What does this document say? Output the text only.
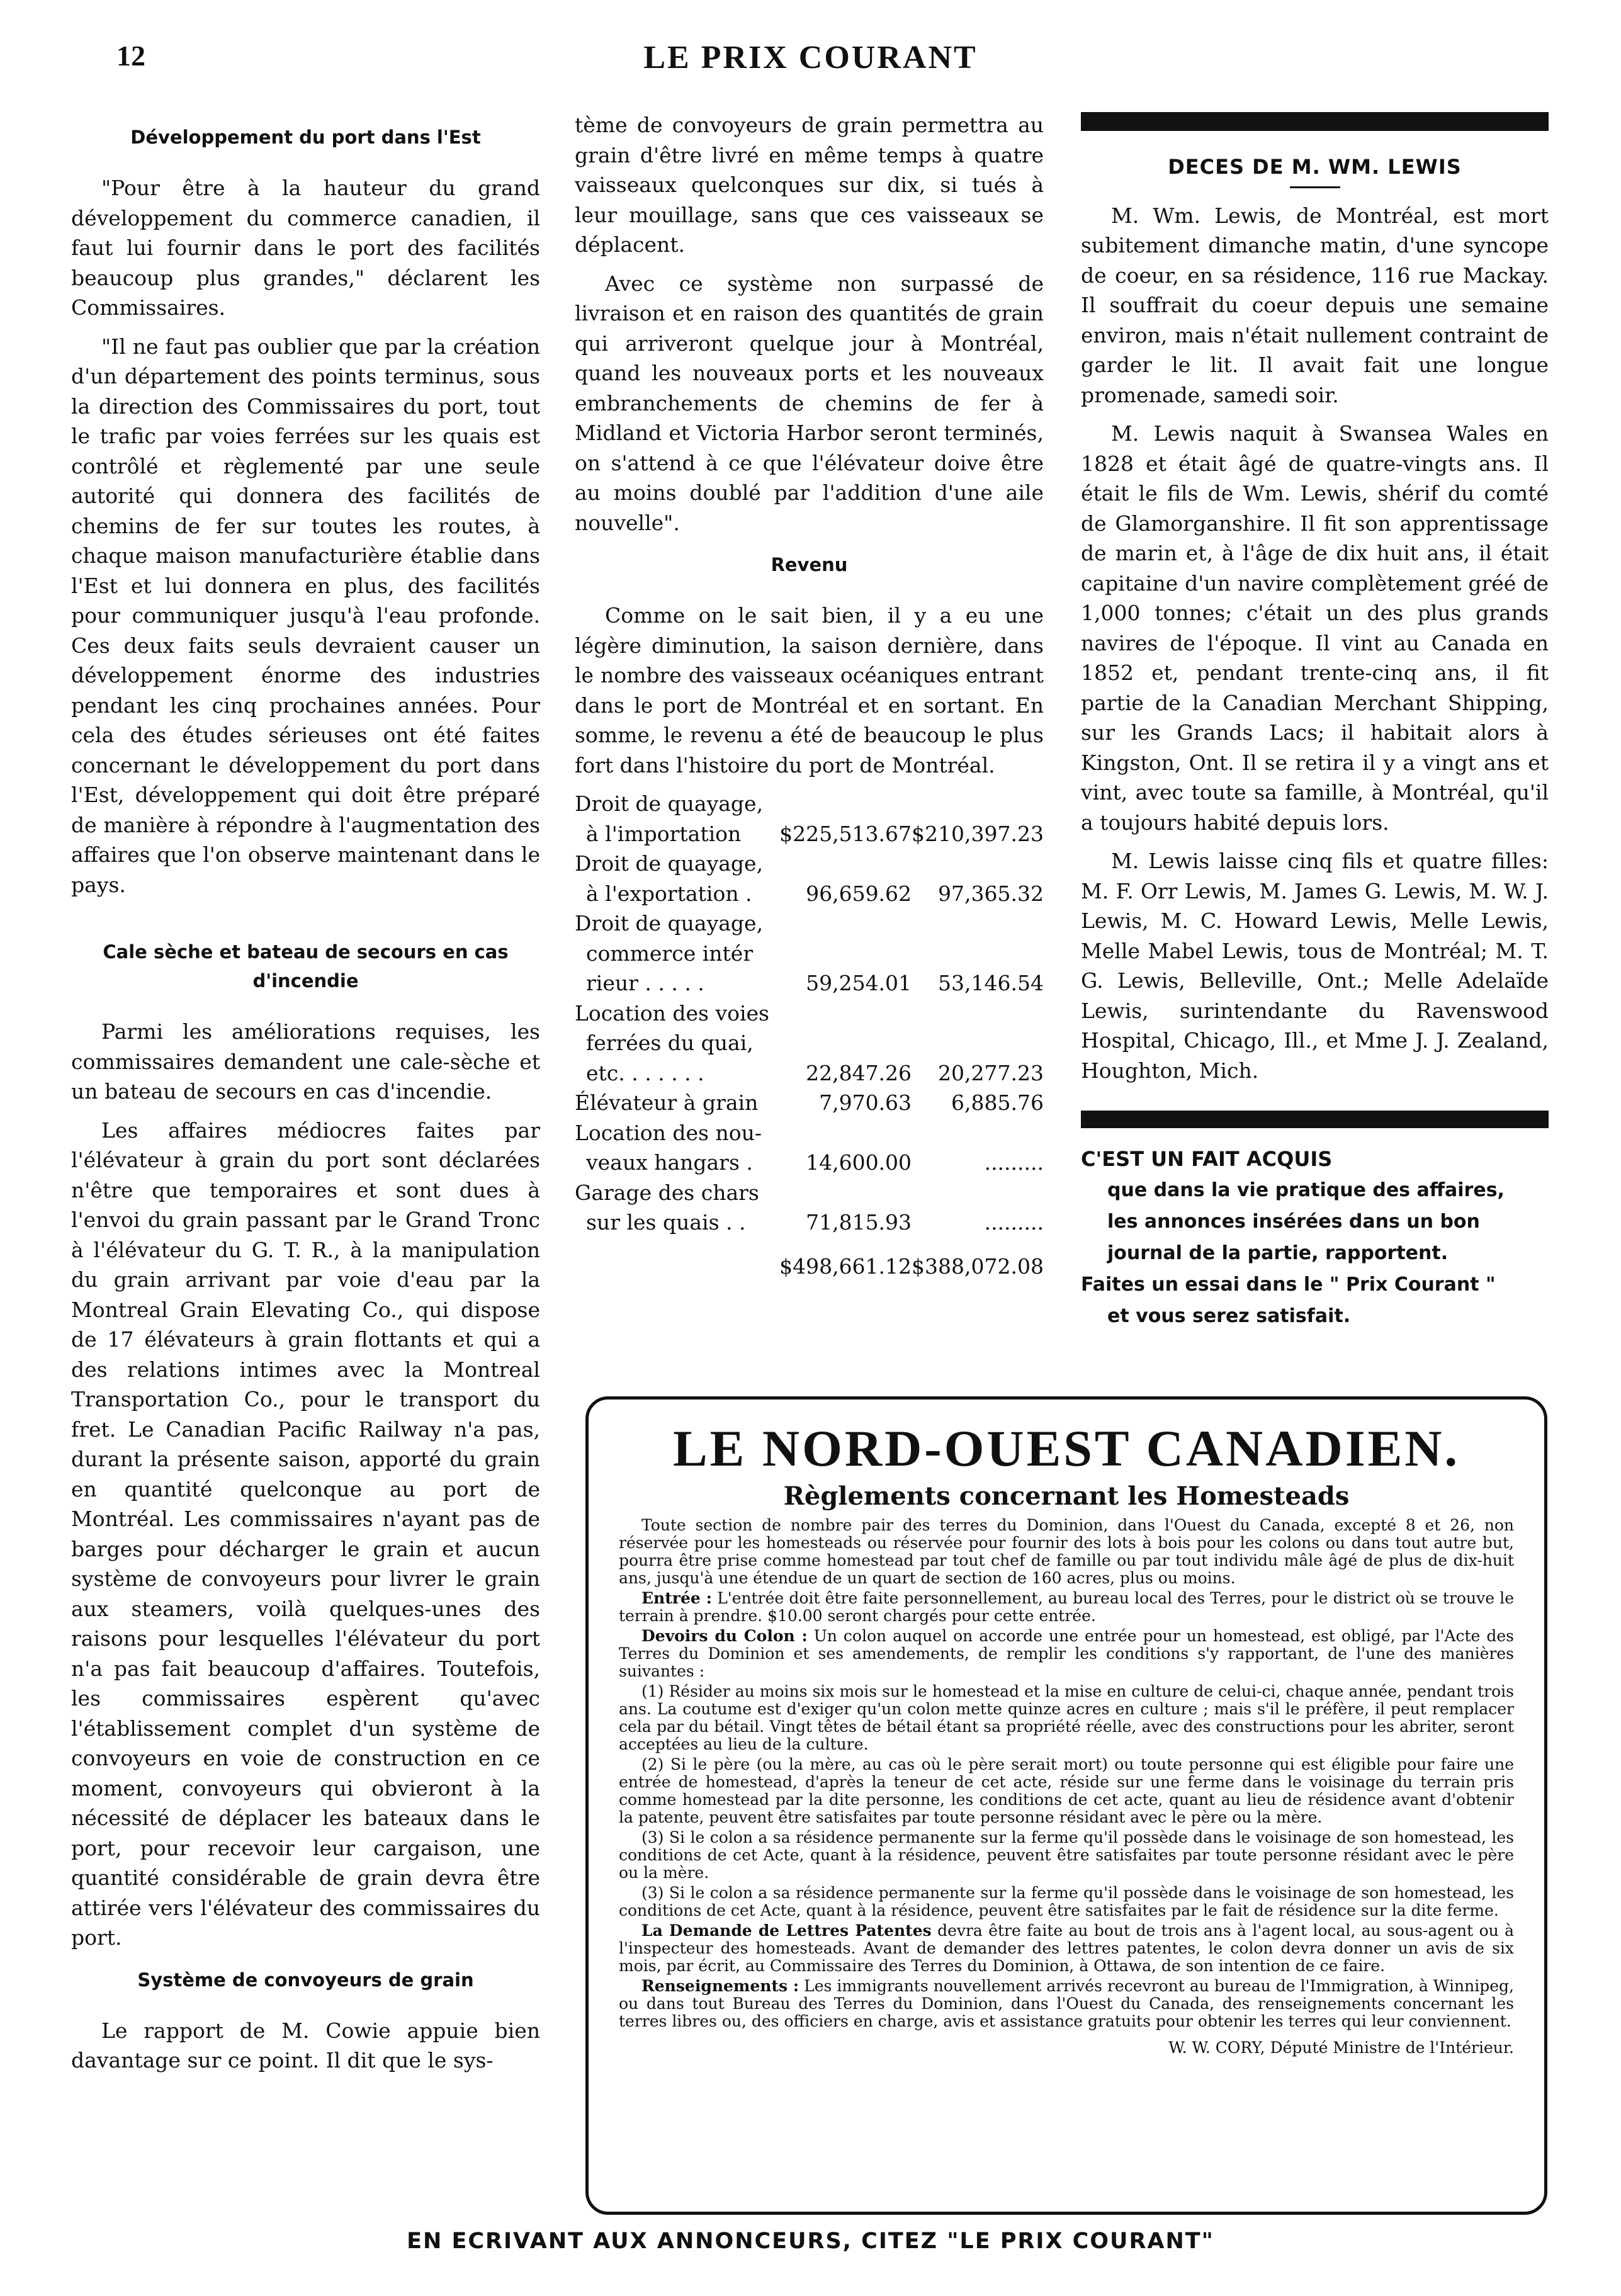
12	LE PRIX COURANT
Développement du port dans l'Est

"Pour être à la hauteur du grand développement du commerce canadien, il faut lui fournir dans le port des facilités beaucoup plus grandes," déclarent les Commissaires.

"Il ne faut pas oublier que par la création d'un département des points terminus, sous la direction des Commissaires du port, tout le trafic par voies ferrées sur les quais est contrôlé et règlementé par une seule autorité qui donnera des facilités de chemins de fer sur toutes les routes, à chaque maison manufacturière établie dans l'Est et lui donnera en plus, des facilités pour communiquer jusqu'à l'eau profonde. Ces deux faits seuls devraient causer un développement énorme des industries pendant les cinq prochaines années. Pour cela des études sérieuses ont été faites concernant le développement du port dans l'Est, développement qui doit être préparé de manière à répondre à l'augmentation des affaires que l'on observe maintenant dans le pays.

Cale sèche et bateau de secours en cas d'incendie

Parmi les améliorations requises, les commissaires demandent une cale-sèche et un bateau de secours en cas d'incendie.

Les affaires médiocres faites par l'élévateur à grain du port sont déclarées n'être que temporaires et sont dues à l'envoi du grain passant par le Grand Tronc à l'élévateur du G. T. R., à la manipulation du grain arrivant par voie d'eau par la Montreal Grain Elevating Co., qui dispose de 17 élévateurs à grain flottants et qui a des relations intimes avec la Montreal Transportation Co., pour le transport du fret. Le Canadian Pacific Railway n'a pas, durant la présente saison, apporté du grain en quantité quelconque au port de Montréal. Les commissaires n'ayant pas de barges pour décharger le grain et aucun système de convoyeurs pour livrer le grain aux steamers, voilà quelques-unes des raisons pour lesquelles l'élévateur du port n'a pas fait beaucoup d'affaires. Toutefois, les commissaires espèrent qu'avec l'établissement complet d'un système de convoyeurs en voie de construction en ce moment, convoyeurs qui obvieront à la nécessité de déplacer les bateaux dans le port, pour recevoir leur cargaison, une quantité considérable de grain devra être attirée vers l'élévateur des commissaires du port.

Système de convoyeurs de grain

Le rapport de M. Cowie appuie bien davantage sur ce point. Il dit que le sys-

tème de convoyeurs de grain permettra au grain d'être livré en même temps à quatre vaisseaux quelconques sur dix, si tués à leur mouillage, sans que ces vaisseaux se déplacent.

Avec ce système non surpassé de livraison et en raison des quantités de grain qui arriveront quelque jour à Montréal, quand les nouveaux ports et les nouveaux embranchements de chemins de fer à Midland et Victoria Harbor seront terminés, on s'attend à ce que l'élévateur doive être au moins doublé par l'addition d'une aile nouvelle".

Revenu

Comme on le sait bien, il y a eu une légère diminution, la saison dernière, dans le nombre des vaisseaux océaniques entrant dans le port de Montréal et en sortant. En somme, le revenu a été de beaucoup le plus fort dans l'histoire du port de Montréal.

Droit de quayage,		
à l'importation	$225,513.67	$210,397.23
Droit de quayage,		
à l'exportation .	96,659.62	97,365.32
Droit de quayage,		
commerce intér		
rieur . . . . .	59,254.01	53,146.54
Location des voies		
ferrées du quai,		
etc. . . . . . .	22,847.26	20,277.23
Élévateur à grain	7,970.63	6,885.76
Location des nou-		
veaux hangars .	14,600.00	.........
Garage des chars		
sur les quais . .	71,815.93	.........
	$498,661.12	$388,072.08
DECES DE M. WM. LEWIS

M. Wm. Lewis, de Montréal, est mort subitement dimanche matin, d'une syncope de coeur, en sa résidence, 116 rue Mackay. Il souffrait du coeur depuis une semaine environ, mais n'était nullement contraint de garder le lit. Il avait fait une longue promenade, samedi soir.

M. Lewis naquit à Swansea Wales en 1828 et était âgé de quatre-vingts ans. Il était le fils de Wm. Lewis, shérif du comté de Glamorganshire. Il fit son apprentissage de marin et, à l'âge de dix huit ans, il était capitaine d'un navire complètement gréé de 1,000 tonnes; c'était un des plus grands navires de l'époque. Il vint au Canada en 1852 et, pendant trente-cinq ans, il fit partie de la Canadian Merchant Shipping, sur les Grands Lacs; il habitait alors à Kingston, Ont. Il se retira il y a vingt ans et vint, avec toute sa famille, à Montréal, qu'il a toujours habité depuis lors.

M. Lewis laisse cinq fils et quatre filles: M. F. Orr Lewis, M. James G. Lewis, M. W. J. Lewis, M. C. Howard Lewis, Melle Lewis, Melle Mabel Lewis, tous de Montréal; M. T. G. Lewis, Belleville, Ont.; Melle Adelaïde Lewis, surintendante du Ravenswood Hospital, Chicago, Ill., et Mme J. J. Zealand, Houghton, Mich.

C'EST UN FAIT ACQUIS
que dans la vie pratique des affaires,
les annonces insérées dans un bon
journal de la partie, rapportent.
Faites un essai dans le " Prix Courant "
et vous serez satisfait.
LE NORD-OUEST CANADIEN.
Règlements concernant les Homesteads

Toute section de nombre pair des terres du Dominion, dans l'Ouest du Canada, excepté 8 et 26, non réservée pour les homesteads ou réservée pour fournir des lots à bois pour les colons ou dans tout autre but, pourra être prise comme homestead par tout chef de famille ou par tout individu mâle âgé de plus de dix-huit ans, jusqu'à une étendue de un quart de section de 160 acres, plus ou moins.

Entrée : L'entrée doit être faite personnellement, au bureau local des Terres, pour le district où se trouve le terrain à prendre. $10.00 seront chargés pour cette entrée.

Devoirs du Colon : Un colon auquel on accorde une entrée pour un homestead, est obligé, par l'Acte des Terres du Dominion et ses amendements, de remplir les conditions s'y rapportant, de l'une des manières suivantes :

(1) Résider au moins six mois sur le homestead et la mise en culture de celui-ci, chaque année, pendant trois ans. La coutume est d'exiger qu'un colon mette quinze acres en culture ; mais s'il le préfère, il peut remplacer cela par du bétail. Vingt têtes de bétail étant sa propriété réelle, avec des constructions pour les abriter, seront acceptées au lieu de la culture.

(2) Si le père (ou la mère, au cas où le père serait mort) ou toute personne qui est éligible pour faire une entrée de homestead, d'après la teneur de cet acte, réside sur une ferme dans le voisinage du terrain pris comme homestead par la dite personne, les conditions de cet acte, quant au lieu de résidence avant d'obtenir la patente, peuvent être satisfaites par toute personne résidant avec le père ou la mère.

(3) Si le colon a sa résidence permanente sur la ferme qu'il possède dans le voisinage de son homestead, les conditions de cet Acte, quant à la résidence, peuvent être satisfaites par toute personne résidant avec le père ou la mère.

(3) Si le colon a sa résidence permanente sur la ferme qu'il possède dans le voisinage de son homestead, les conditions de cet Acte, quant à la résidence, peuvent être satisfaites par le fait de résidence sur la dite ferme.

La Demande de Lettres Patentes devra être faite au bout de trois ans à l'agent local, au sous-agent ou à l'inspecteur des homesteads. Avant de demander des lettres patentes, le colon devra donner un avis de six mois, par écrit, au Commissaire des Terres du Dominion, à Ottawa, de son intention de ce faire.

Renseignements : Les immigrants nouvellement arrivés recevront au bureau de l'Immigration, à Winnipeg, ou dans tout Bureau des Terres du Dominion, dans l'Ouest du Canada, des renseignements concernant les terres libres ou, des officiers en charge, avis et assistance gratuits pour obtenir les terres qui leur conviennent.

W. W. CORY, Député Ministre de l'Intérieur.
EN ECRIVANT AUX ANNONCEURS, CITEZ "LE PRIX COURANT"
